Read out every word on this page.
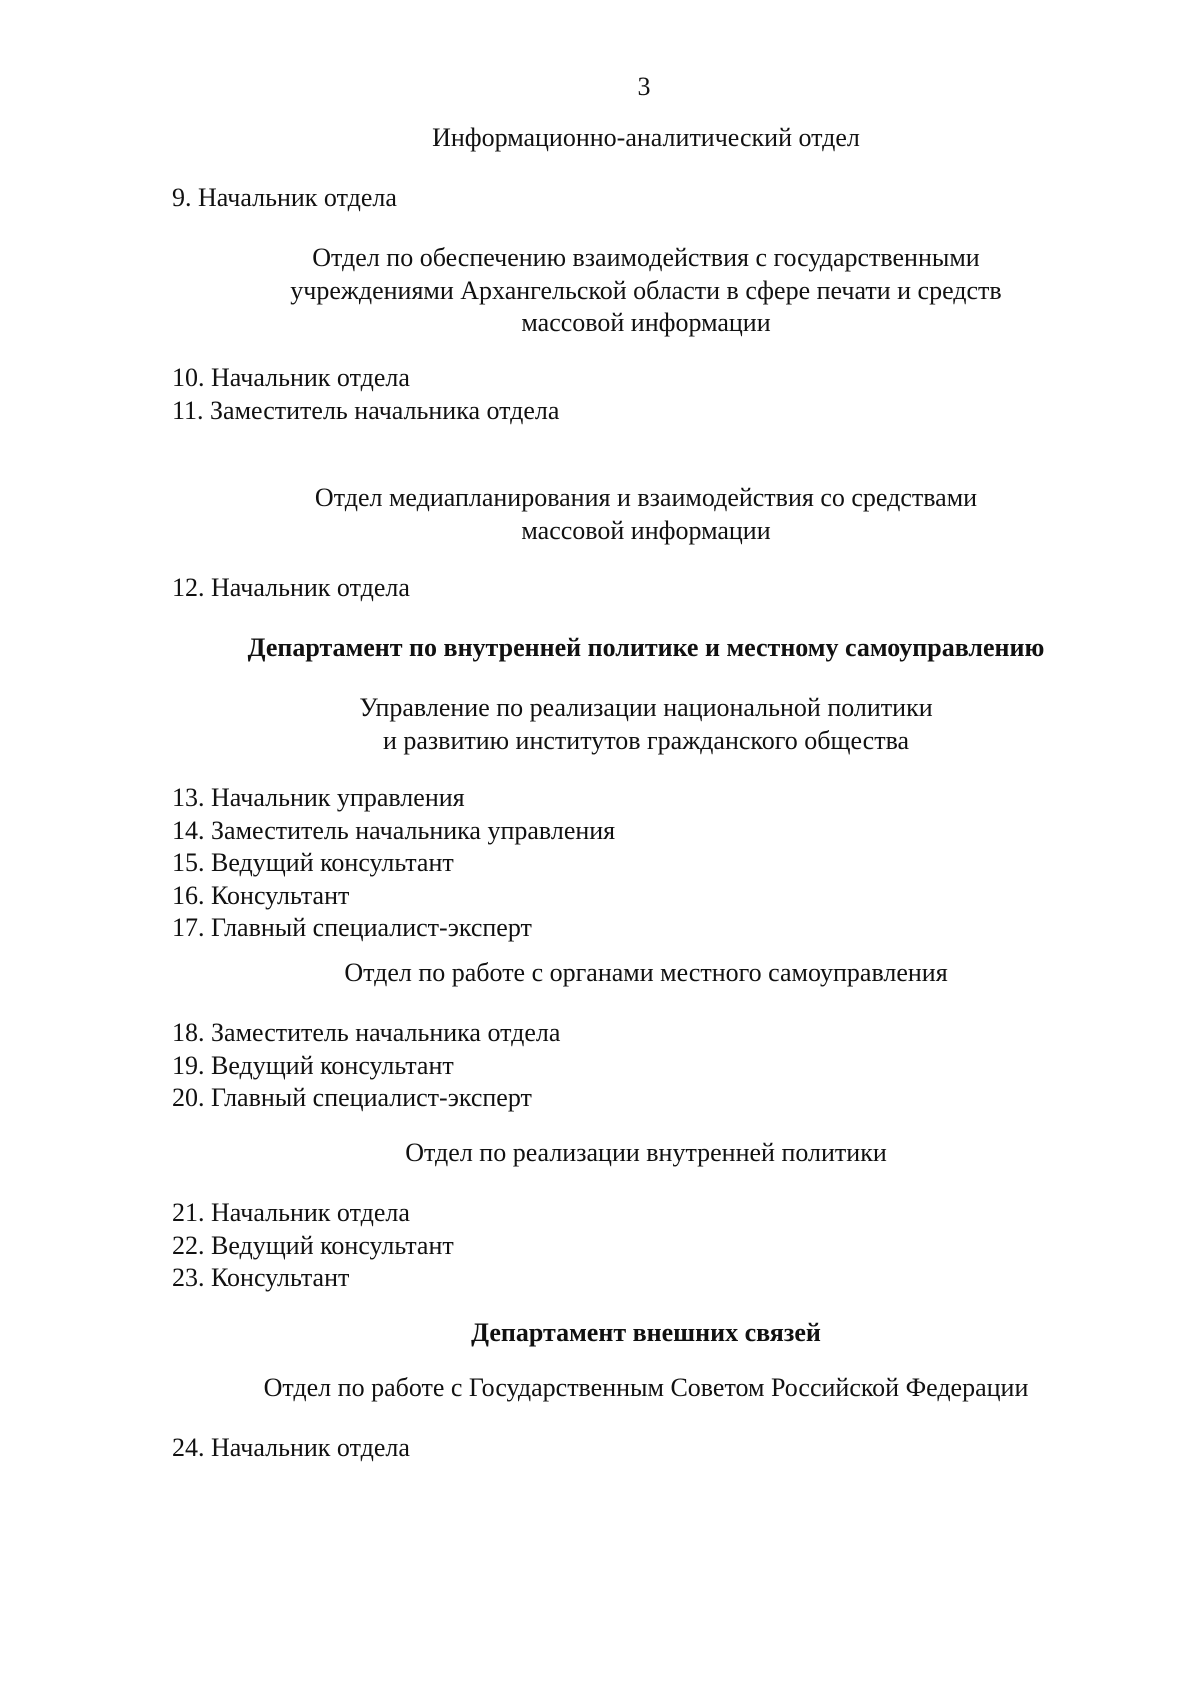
3
Информационно-аналитический отдел
9. Начальник отдела
Отдел по обеспечению взаимодействия с государственными
учреждениями Архангельской области в сфере печати и средств
массовой информации
10. Начальник отдела
11. Заместитель начальника отдела
Отдел медиапланирования и взаимодействия со средствами
массовой информации
12. Начальник отдела
Департамент по внутренней политике и местному самоуправлению
Управление по реализации национальной политики
и развитию институтов гражданского общества
13. Начальник управления
14. Заместитель начальника управления
15. Ведущий консультант
16. Консультант
17. Главный специалист-эксперт
Отдел по работе с органами местного самоуправления
18. Заместитель начальника отдела
19. Ведущий консультант
20. Главный специалист-эксперт
Отдел по реализации внутренней политики
21. Начальник отдела
22. Ведущий консультант
23. Консультант
Департамент внешних связей
Отдел по работе с Государственным Советом Российской Федерации
24. Начальник отдела
